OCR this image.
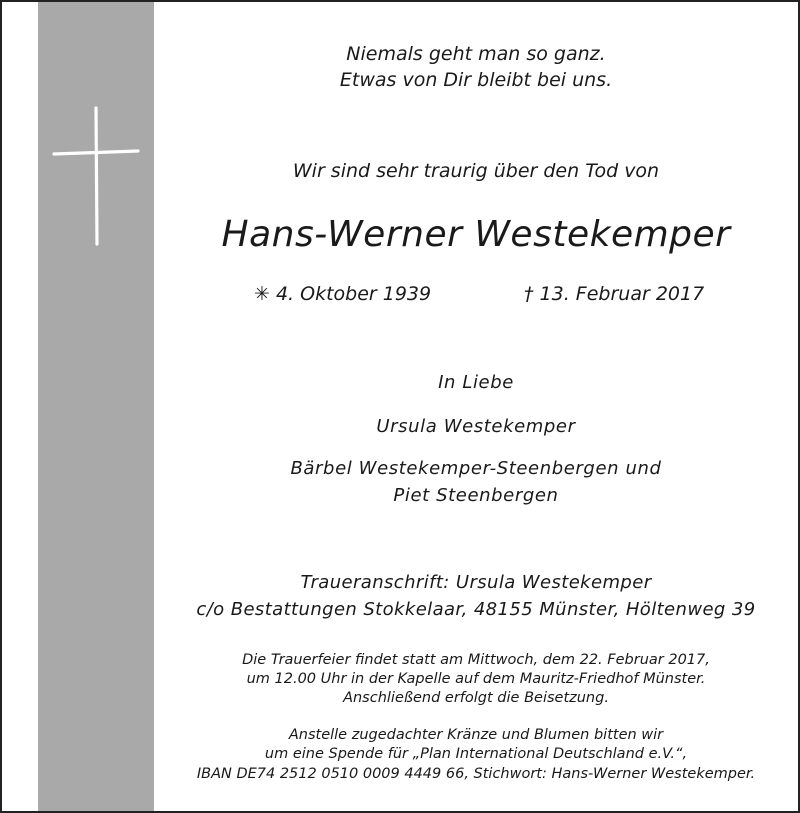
Niemals geht man so ganz.
Etwas von Dir bleibt bei uns.
Wir sind sehr traurig über den Tod von
Hans-Werner Westekemper
✳ 4. Oktober 1939	† 13. Februar 2017
In Liebe
Ursula Westekemper
Bärbel Westekemper-Steenbergen und
Piet Steenbergen
Traueranschrift: Ursula Westekemper
c/o Bestattungen Stokkelaar, 48155 Münster, Höltenweg 39
Die Trauerfeier findet statt am Mittwoch, dem 22. Februar 2017,
um 12.00 Uhr in der Kapelle auf dem Mauritz-Friedhof Münster.
Anschließend erfolgt die Beisetzung.
Anstelle zugedachter Kränze und Blumen bitten wir
um eine Spende für „Plan International Deutschland e.V.“,
IBAN DE74 2512 0510 0009 4449 66, Stichwort: Hans-Werner Westekemper.
